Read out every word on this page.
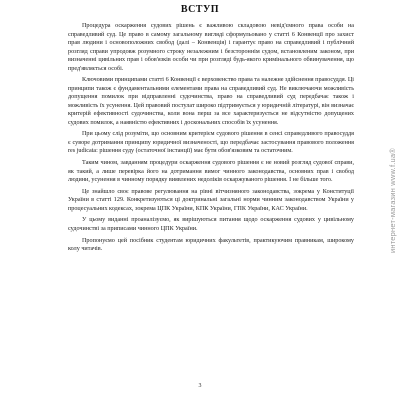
ВСТУП

Процедура оскарження судових рішень є важливою складовою невід'ємного права особи на справедливий суд. Це право в самому загальному вигляді сформульовано у статті 6 Конвенції про захист прав людини і основоположних свобод (далі – Конвенція) і гарантує право на справедливий і публічний розгляд справи упродовж розумного строку незалежним і безстороннім судом, встановленим законом, при визначенні цивільних прав і обов'язків особи чи при розгляді будь-якого кримінального обвинувачення, що пред'являється особі.

Ключовими принципами статті 6 Конвенції є верховенство права та належне здійснення правосуддя. Ці принципи також є фундаментальними елементами права на справедливий суд. Не виключаючи можливість допущення помилок при відправленні судочинства, право на справедливий суд передбачає також і можливість їх усунення. Цей правовий постулат широко підтримується у юридичній літературі, він визначає критерій ефективності судочинства, коли вона перш за все характеризується не відсутністю допущених судових помилок, а наявністю ефективних і доскональних способів їх усунення.

При цьому слід розуміти, що основним критерієм судового рішення в сенсі справедливого правосуддя є суворе дотримання принципу юридичної визначеності, що передбачає застосування правового положення res judicata: рішення суду (остаточної інстанції) має бути обов'язковим та остаточним.

Таким чином, завданням процедури оскарження судового рішення є не новий розгляд судової справи, як такий, а лише перевірка його на дотримання вимог чинного законодавства, основних прав і свобод людини, усунення в чинному порядку виявлених недоліків оскаржуваного рішення. І не більше того.

Це знайшло своє правове регулювання на рівні вітчизняного законодавства, зокрема у Конституції України в статті 129. Конкретизуються ці доктринальні загальні норми чинним законодавством України у процесуальних кодексах, зокрема ЦПК України, КПК України, ГПК України, КАС України.

У цьому виданні проаналізуємо, як вирішуються питання щодо оскарження судових у цивільному судочинстві за приписами чинного ЦПК України.

Пропонуємо цей посібник студентам юридичних факультетів, практикуючим правникам, широкому колу читачів.

3
интернет-магазин www.f.ua®
